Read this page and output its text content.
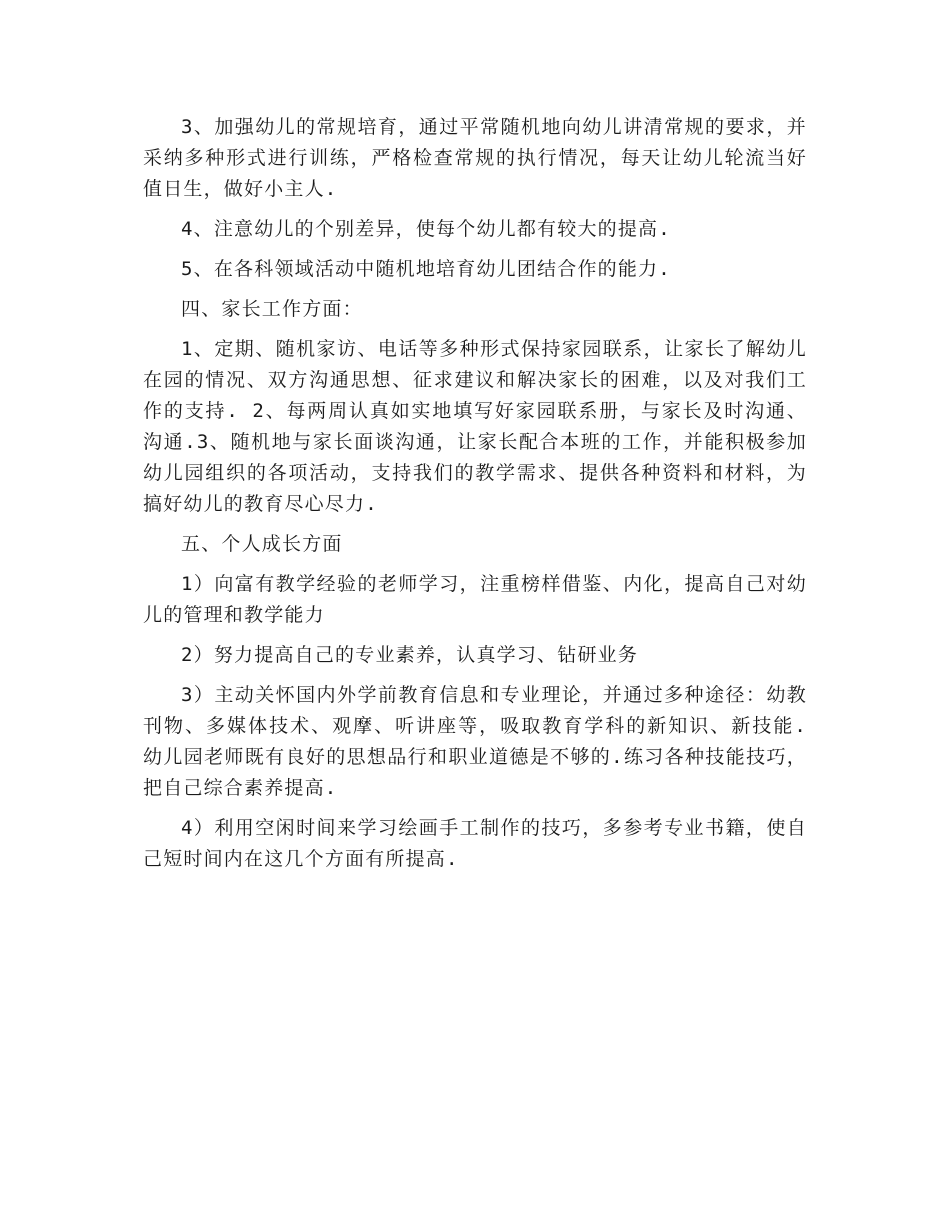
3、加强幼儿的常规培育，通过平常随机地向幼儿讲清常规的要求，并采纳多种形式进行训练，严格检查常规的执行情况，每天让幼儿轮流当好值日生，做好小主人.

4、注意幼儿的个别差异，使每个幼儿都有较大的提高.

5、在各科领域活动中随机地培育幼儿团结合作的能力.

四、家长工作方面：

1、定期、随机家访、电话等多种形式保持家园联系，让家长了解幼儿在园的情况、双方沟通思想、征求建议和解决家长的困难，以及对我们工作的支持. 2、每两周认真如实地填写好家园联系册，与家长及时沟通、沟通.3、随机地与家长面谈沟通，让家长配合本班的工作，并能积极参加幼儿园组织的各项活动，支持我们的教学需求、提供各种资料和材料，为搞好幼儿的教育尽心尽力.

五、个人成长方面

1）向富有教学经验的老师学习，注重榜样借鉴、内化，提高自己对幼儿的管理和教学能力

2）努力提高自己的专业素养，认真学习、钻研业务

3）主动关怀国内外学前教育信息和专业理论，并通过多种途径：幼教刊物、多媒体技术、观摩、听讲座等，吸取教育学科的新知识、新技能. 幼儿园老师既有良好的思想品行和职业道德是不够的.练习各种技能技巧，把自己综合素养提高.

4）利用空闲时间来学习绘画手工制作的技巧，多参考专业书籍，使自己短时间内在这几个方面有所提高.
